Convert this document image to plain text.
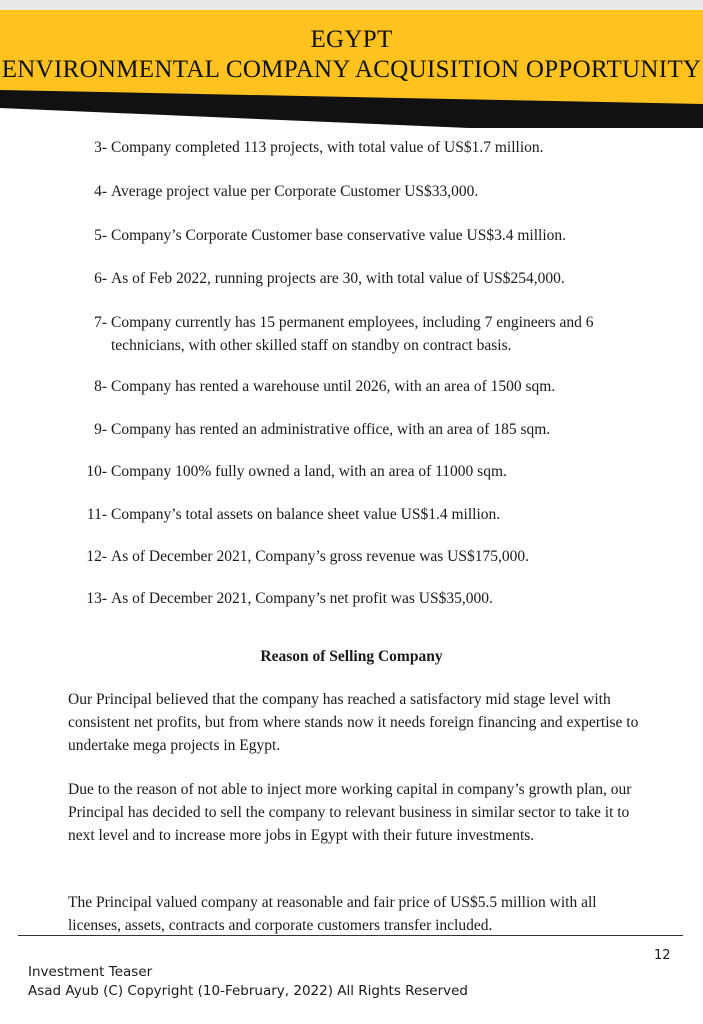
EGYPT
ENVIRONMENTAL COMPANY ACQUISITION OPPORTUNITY
3- Company completed 113 projects, with total value of US$1.7 million.
4- Average project value per Corporate Customer US$33,000.
5- Company’s Corporate Customer base conservative value US$3.4 million.
6- As of Feb 2022, running projects are 30, with total value of US$254,000.
7- Company currently has 15 permanent employees, including 7 engineers and 6 technicians, with other skilled staff on standby on contract basis.
8- Company has rented a warehouse until 2026, with an area of 1500 sqm.
9- Company has rented an administrative office, with an area of 185 sqm.
10- Company 100% fully owned a land, with an area of 11000 sqm.
11- Company’s total assets on balance sheet value US$1.4 million.
12- As of December 2021, Company’s gross revenue was US$175,000.
13- As of December 2021, Company’s net profit was US$35,000.
Reason of Selling Company

Our Principal believed that the company has reached a satisfactory mid stage level with consistent net profits, but from where stands now it needs foreign financing and expertise to undertake mega projects in Egypt.

Due to the reason of not able to inject more working capital in company’s growth plan, our Principal has decided to sell the company to relevant business in similar sector to take it to next level and to increase more jobs in Egypt with their future investments.

The Principal valued company at reasonable and fair price of US$5.5 million with all licenses, assets, contracts and corporate customers transfer included.

12
Investment Teaser
Asad Ayub (C) Copyright (10-February, 2022) All Rights Reserved
